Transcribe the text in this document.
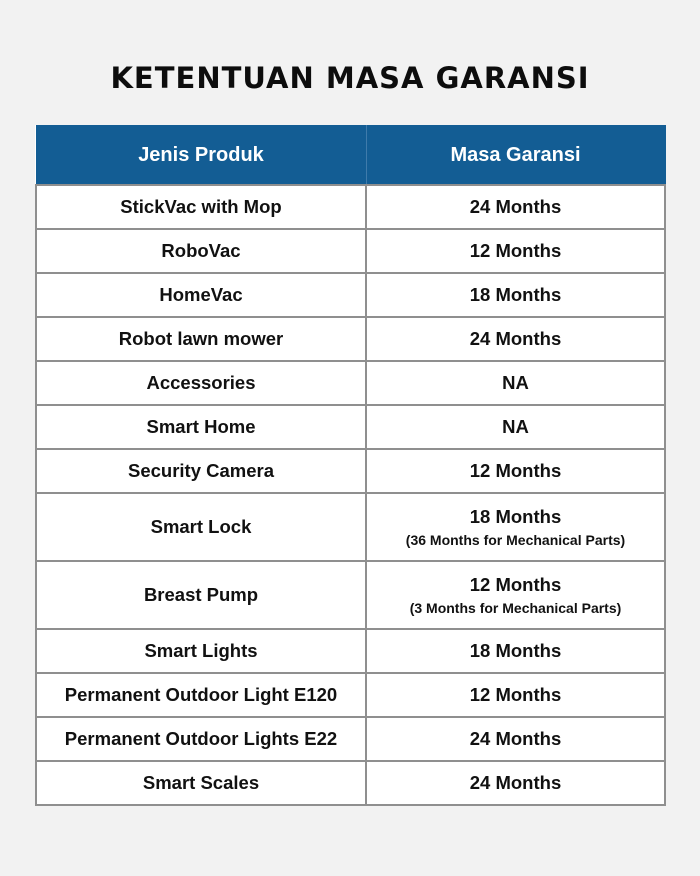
KETENTUAN MASA GARANSI
Jenis Produk	Masa Garansi
StickVac with Mop	24 Months
RoboVac	12 Months
HomeVac	18 Months
Robot lawn mower	24 Months
Accessories	NA
Smart Home	NA
Security Camera	12 Months
Smart Lock	18 Months
(36 Months for Mechanical Parts)

Breast Pump	12 Months
(3 Months for Mechanical Parts)

Smart Lights	18 Months
Permanent Outdoor Light E120	12 Months
Permanent Outdoor Lights E22	24 Months
Smart Scales	24 Months
